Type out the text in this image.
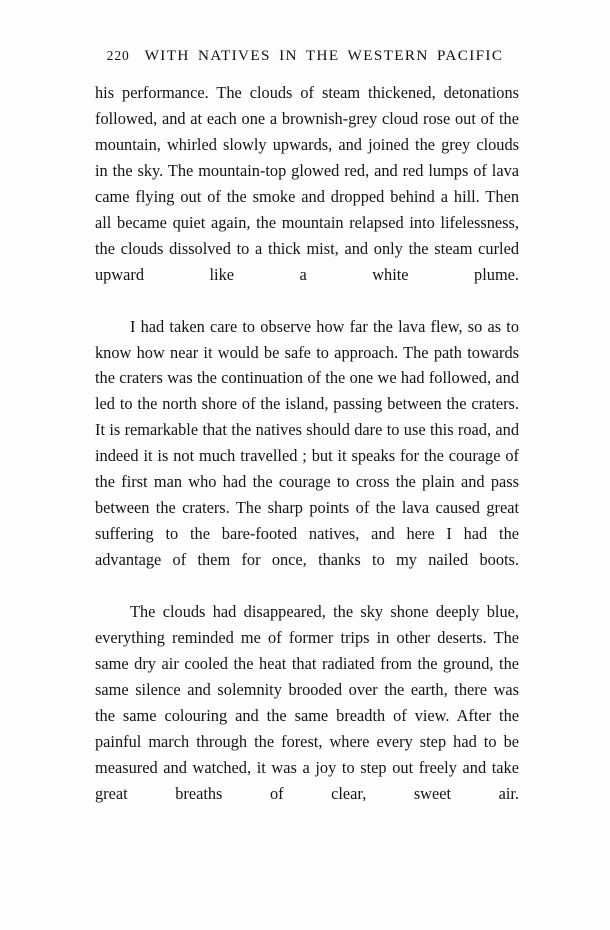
220 WITH NATIVES IN THE WESTERN PACIFIC

his performance. The clouds of steam thickened, detonations followed, and at each one a brownish-grey cloud rose out of the mountain, whirled slowly upwards, and joined the grey clouds in the sky. The mountain-top glowed red, and red lumps of lava came flying out of the smoke and dropped behind a hill. Then all became quiet again, the mountain relapsed into lifelessness, the clouds dissolved to a thick mist, and only the steam curled upward like a white plume.

I had taken care to observe how far the lava flew, so as to know how near it would be safe to approach. The path towards the craters was the continuation of the one we had followed, and led to the north shore of the island, passing between the craters. It is remarkable that the natives should dare to use this road, and indeed it is not much travelled ; but it speaks for the courage of the first man who had the courage to cross the plain and pass between the craters. The sharp points of the lava caused great suffering to the bare-footed natives, and here I had the advantage of them for once, thanks to my nailed boots.

The clouds had disappeared, the sky shone deeply blue, everything reminded me of former trips in other deserts. The same dry air cooled the heat that radiated from the ground, the same silence and solemnity brooded over the earth, there was the same colouring and the same breadth of view. After the painful march through the forest, where every step had to be measured and watched, it was a joy to step out freely and take great breaths of clear, sweet air.
